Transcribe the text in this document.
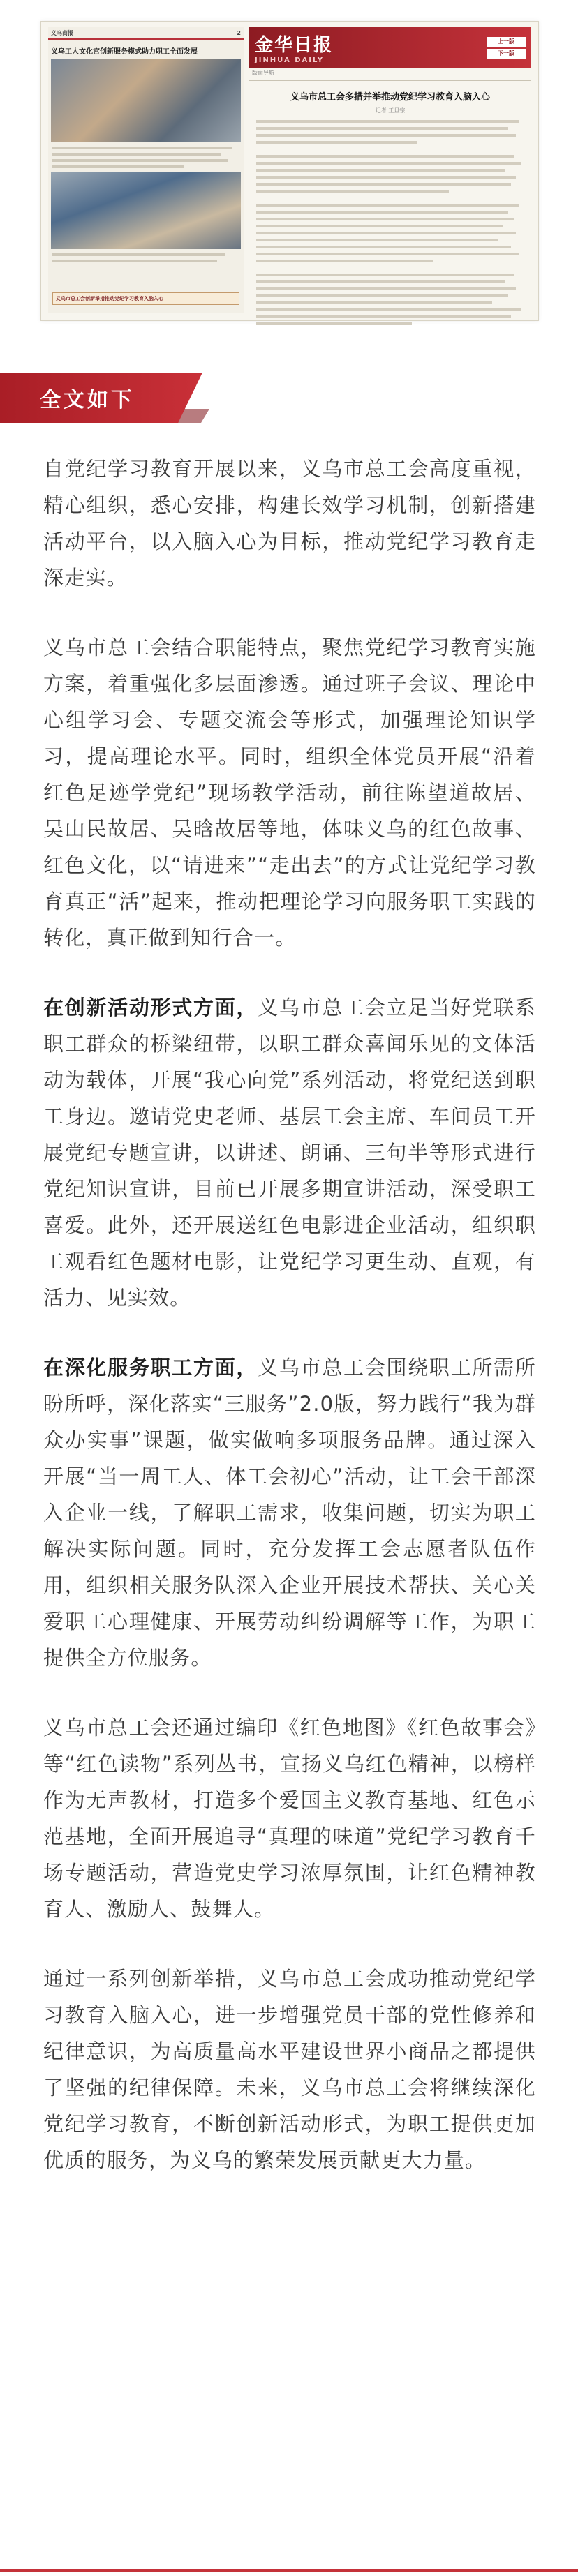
义乌商报	2
义乌工人文化宫创新服务模式助力职工全面发展
义乌市总工会创新举措推动党纪学习教育入脑入心
金华日报
JINHUA DAILY
上一版
下一版
版面导航
义乌市总工会多措并举推动党纪学习教育入脑入心
记者 王旦宗
全文如下

自党纪学习教育开展以来，义乌市总工会高度重视，精心组织，悉心安排，构建长效学习机制，创新搭建活动平台，以入脑入心为目标，推动党纪学习教育走深走实。

义乌市总工会结合职能特点，聚焦党纪学习教育实施方案，着重强化多层面渗透。通过班子会议、理论中心组学习会、专题交流会等形式，加强理论知识学习，提高理论水平。同时，组织全体党员开展“沿着红色足迹学党纪”现场教学活动，前往陈望道故居、吴山民故居、吴晗故居等地，体味义乌的红色故事、红色文化，以“请进来”“走出去”的方式让党纪学习教育真正“活”起来，推动把理论学习向服务职工实践的转化，真正做到知行合一。

在创新活动形式方面，义乌市总工会立足当好党联系职工群众的桥梁纽带，以职工群众喜闻乐见的文体活动为载体，开展“我心向党”系列活动，将党纪送到职工身边。邀请党史老师、基层工会主席、车间员工开展党纪专题宣讲，以讲述、朗诵、三句半等形式进行党纪知识宣讲，目前已开展多期宣讲活动，深受职工喜爱。此外，还开展送红色电影进企业活动，组织职工观看红色题材电影，让党纪学习更生动、直观，有活力、见实效。

在深化服务职工方面，义乌市总工会围绕职工所需所盼所呼，深化落实“三服务”2.0版，努力践行“我为群众办实事”课题，做实做响多项服务品牌。通过深入开展“当一周工人、体工会初心”活动，让工会干部深入企业一线，了解职工需求，收集问题，切实为职工解决实际问题。同时，充分发挥工会志愿者队伍作用，组织相关服务队深入企业开展技术帮扶、关心关爱职工心理健康、开展劳动纠纷调解等工作，为职工提供全方位服务。

义乌市总工会还通过编印《红色地图》《红色故事会》等“红色读物”系列丛书，宣扬义乌红色精神，以榜样作为无声教材，打造多个爱国主义教育基地、红色示范基地，全面开展追寻“真理的味道”党纪学习教育千场专题活动，营造党史学习浓厚氛围，让红色精神教育人、激励人、鼓舞人。

通过一系列创新举措，义乌市总工会成功推动党纪学习教育入脑入心，进一步增强党员干部的党性修养和纪律意识，为高质量高水平建设世界小商品之都提供了坚强的纪律保障。未来，义乌市总工会将继续深化党纪学习教育，不断创新活动形式，为职工提供更加优质的服务，为义乌的繁荣发展贡献更大力量。
